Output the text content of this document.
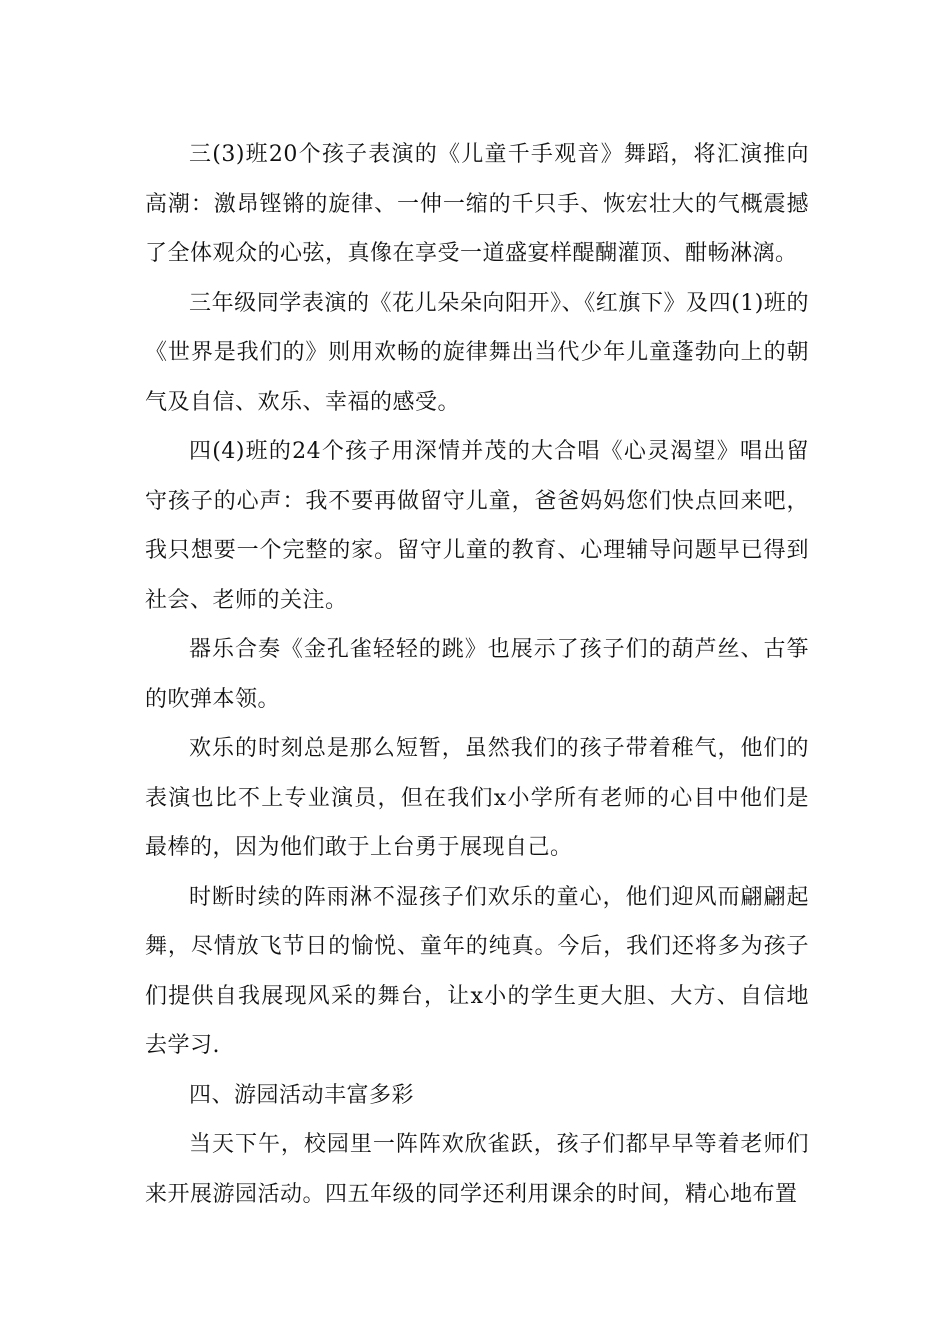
三(3)班20个孩子表演的《儿童千手观音》舞蹈，将汇演推向高潮：激昂铿锵的旋律、一伸一缩的千只手、恢宏壮大的气概震撼了全体观众的心弦，真像在享受一道盛宴样醍醐灌顶、酣畅淋漓。

三年级同学表演的《花儿朵朵向阳开》、《红旗下》及四(1)班的《世界是我们的》则用欢畅的旋律舞出当代少年儿童蓬勃向上的朝气及自信、欢乐、幸福的感受。

四(4)班的24个孩子用深情并茂的大合唱《心灵渴望》唱出留守孩子的心声：我不要再做留守儿童，爸爸妈妈您们快点回来吧，我只想要一个完整的家。留守儿童的教育、心理辅导问题早已得到社会、老师的关注。

器乐合奏《金孔雀轻轻的跳》也展示了孩子们的葫芦丝、古筝的吹弹本领。

欢乐的时刻总是那么短暂，虽然我们的孩子带着稚气，他们的表演也比不上专业演员，但在我们x小学所有老师的心目中他们是最棒的，因为他们敢于上台勇于展现自己。

时断时续的阵雨淋不湿孩子们欢乐的童心，他们迎风而翩翩起舞，尽情放飞节日的愉悦、童年的纯真。今后，我们还将多为孩子们提供自我展现风采的舞台，让x小的学生更大胆、大方、自信地去学习.

四、游园活动丰富多彩

当天下午，校园里一阵阵欢欣雀跃，孩子们都早早等着老师们来开展游园活动。四五年级的同学还利用课余的时间，精心地布置
